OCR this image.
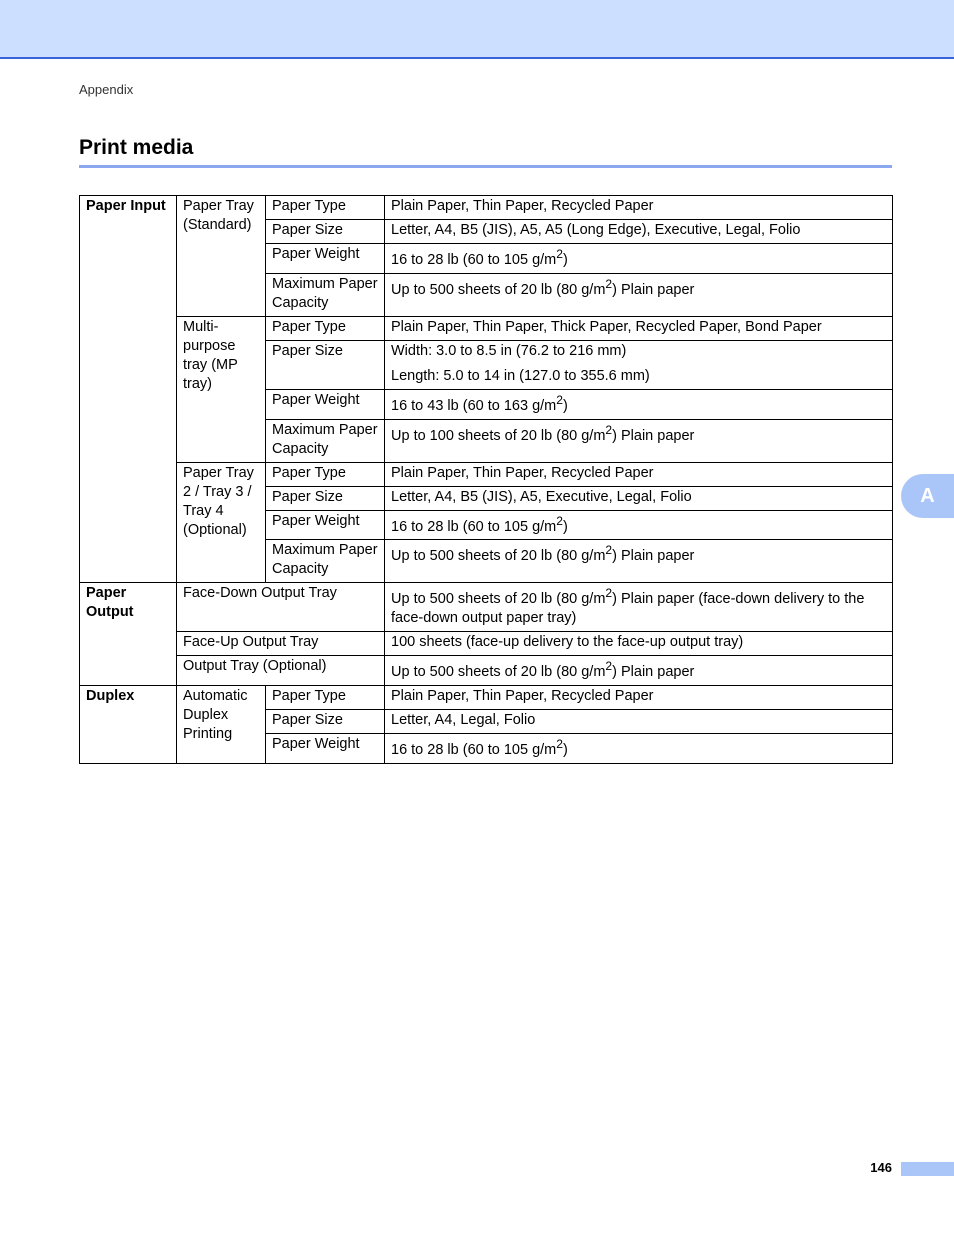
Appendix
Print media
A
Paper Input	Paper Tray (Standard)	Paper Type	Plain Paper, Thin Paper, Recycled Paper
		Paper Size	Letter, A4, B5 (JIS), A5, A5 (Long Edge), Executive, Legal, Folio
		Paper Weight	16 to 28 lb (60 to 105 $g/m^2$)
		Maximum Paper Capacity	Up to 500 sheets of 20 lb (80 $g/m^2$) Plain paper
	Multi-purpose tray (MP tray)	Paper Type	Plain Paper, Thin Paper, Thick Paper, Recycled Paper, Bond Paper
		Paper Size	Width: 3.0 to 8.5 in (76.2 to 216 mm)
Length: 5.0 to 14 in (127.0 to 355.6 mm)

		Paper Weight	16 to 43 lb (60 to 163 $g/m^2$)
		Maximum Paper Capacity	Up to 100 sheets of 20 lb (80 $g/m^2$) Plain paper
	Paper Tray 2 / Tray 3 / Tray 4 (Optional)	Paper Type	Plain Paper, Thin Paper, Recycled Paper
		Paper Size	Letter, A4, B5 (JIS), A5, Executive, Legal, Folio
		Paper Weight	16 to 28 lb (60 to 105 $g/m^2$)
		Maximum Paper Capacity	Up to 500 sheets of 20 lb (80 $g/m^2$) Plain paper
Paper Output	Face-Down Output Tray		Up to 500 sheets of 20 lb (80 $g/m^2$) Plain paper (face-down delivery to the face-down output paper tray)
	Face-Up Output Tray		100 sheets (face-up delivery to the face-up output tray)
	Output Tray (Optional)		Up to 500 sheets of 20 lb (80 $g/m^2$) Plain paper
Duplex	Automatic Duplex Printing	Paper Type	Plain Paper, Thin Paper, Recycled Paper
		Paper Size	Letter, A4, Legal, Folio
		Paper Weight	16 to 28 lb (60 to 105 $g/m^2$)
146
